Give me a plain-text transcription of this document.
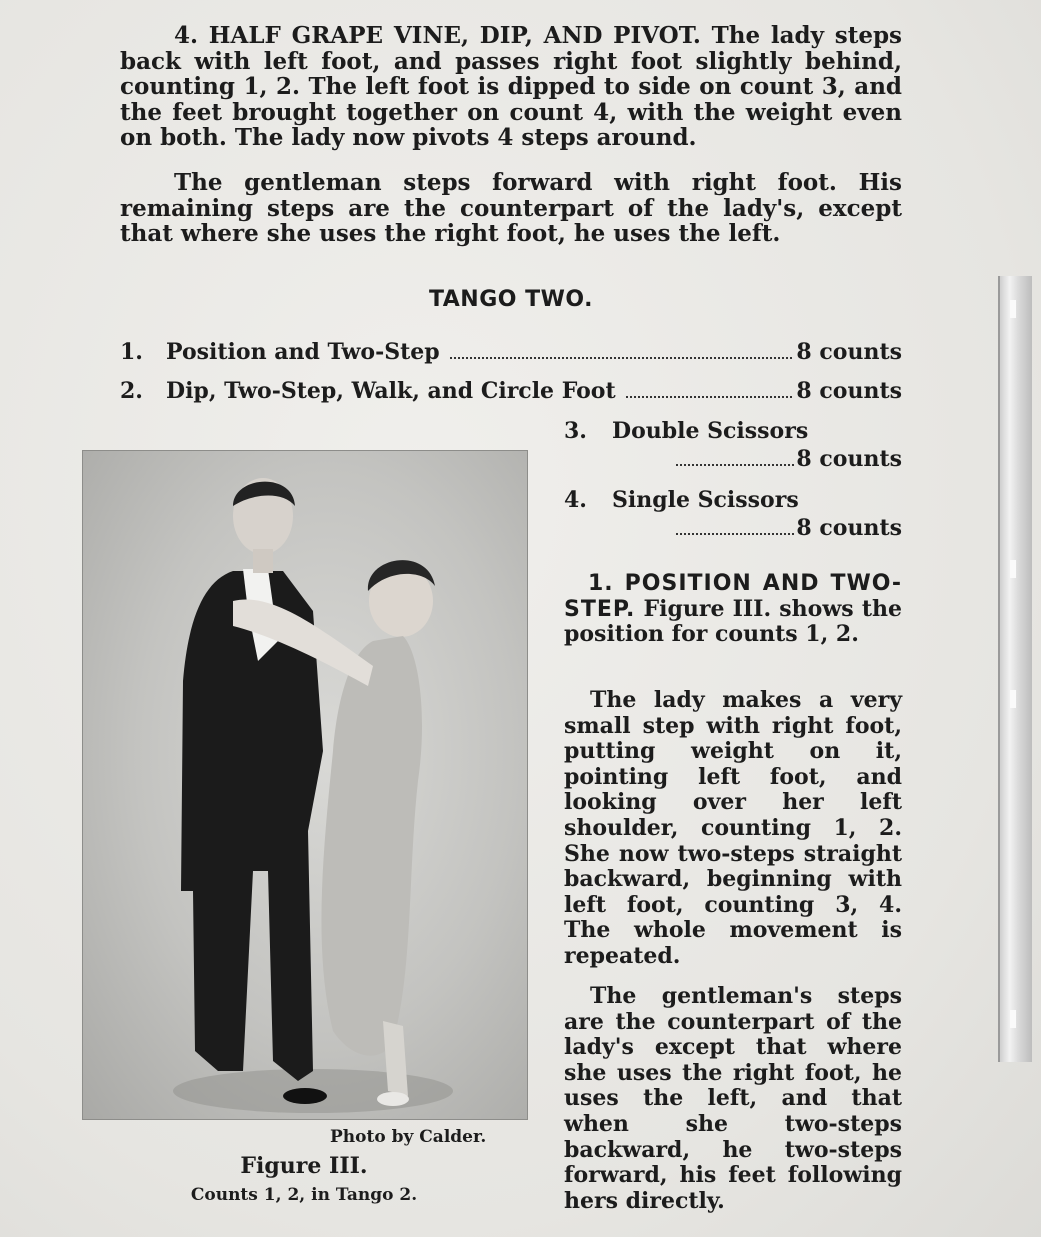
4. HALF GRAPE VINE, DIP, AND PIVOT. The lady steps back with left foot, and passes right foot slightly behind, counting 1, 2. The left foot is dipped to side on count 3, and the feet brought together on count 4, with the weight even on both. The lady now pivots 4 steps around.
The gentleman steps forward with right foot. His remaining steps are the counterpart of the lady's, except that where she uses the right foot, he uses the left.
TANGO TWO.
1.	Position and Two-Step	8 counts
2.	Dip, Two-Step, Walk, and Circle Foot	8 counts
3.	Double Scissors
8 counts
4.	Single Scissors
8 counts
1. POSITION AND TWO-STEP. Figure III. shows the position for counts 1, 2.
The lady makes a very small step with right foot, putting weight on it, pointing left foot, and looking over her left shoulder, counting 1, 2. She now two-steps straight backward, beginning with left foot, counting 3, 4. The whole movement is repeated.
The gentleman's steps are the counterpart of the lady's except that where she uses the right foot, he uses the left, and that when she two-steps backward, he two-steps forward, his feet following hers directly.
Photo by Calder.
Figure III.
Counts 1, 2, in Tango 2.
